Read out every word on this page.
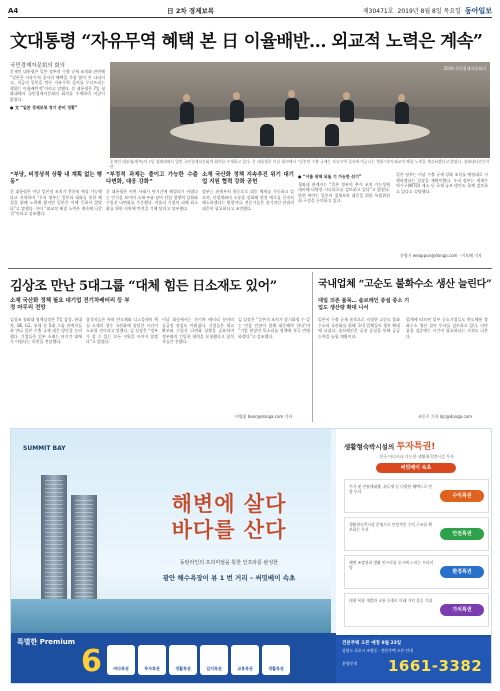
A4	日 2차 경제보복	제30471호 2019년 8월 8일 목요일 동아일보
文대통령 “자유무역 혜택 본 日 이율배반… 외교적 노력은 계속”
국민경제자문회의 회의
문재인 대통령은 일본 정부의 수출 규제 조치와 관련해 “일본은 자유무역 질서의 혜택을 가장 많이 본 나라이고, 지금의 일본을 만든 자유무역 질서를 무너뜨리는 행위는 이율배반적”이라고 말했다. 문 대통령은 7일 청와대에서 국민경제자문회의 회의를 주재하며 이같이 밝혔다.
● 文 “일본 경제보복 장기 준비 정황”
2019 국민경제자문회의
문재인 대통령(왼쪽)이 7일 청와대에서 열린 국민경제자문회의 회의를 주재하고 있다. 문 대통령은 이날 회의에서 “일본의 수출 규제는 자유무역 질서에 어긋나는 행위”라며 외교적 해결 노력을 계속하겠다고 밝혔다. 청와대사진기자단
“부당, 비정상적 상황 내 계획 없는 행동”
문 대통령은 이날 일본의 조치가 충분히 예상 가능했다고 지적하며 “우리 정부는 일본과 대화를 통한 해결을 위해 노력해 왔지만 일본은 이에 응하지 않았다”고 말했다. 이어 “외교적 해결 노력은 계속해 나갈 것”이라고 강조했다.
“부정적 과제는 줄이고 가능한 수출 다변화, 대응 강화”
문 대통령은 이번 사태가 단기간에 해결되기 어렵다는 인식을 보이며 소재·부품·장비 산업 경쟁력 강화와 수입선 다변화를 주문했다. 아울러 기업의 피해 최소화를 위한 지원에 만전을 기해 달라고 당부했다.
소재 국산화 정책 지속추진 위기 대기업 지원 협력 강화 공헌
정부는 관계부처 합동으로 대응 체계를 가동하고 있으며, 산업계와의 소통을 강화해 현장 애로를 신속히 해소하겠다는 방침이다. 전문가들은 장기적인 관점의 대응이 필요하다고 조언했다.
● “이를 위해 되돌 기 가능한 쉬기”
청와대 관계자는 “일본 정부의 추가 조치 가능성에 대비해 다양한 시나리오를 검토하고 있다”고 밝혔다. 한편 여야는 일본의 경제보복 대응을 위한 특별위원회 구성을 논의하고 있다.
일본 정부는 이날 수출 규제 강화 조치를 예정대로 시행하겠다는 입장을 재확인했다. 우리 정부는 세계무역기구(WTO) 제소 등 국제 공조 방안도 함께 검토하고 있다고 설명했다.
문병기 weappon@donga.com · 이보혜 기자
김상조 만난 5대그룹 “대체 힘든 日소재도 있어”
소재 국산화 정책 필요 대기업 전기차배터리 등 부정 마무리 전망
김상조 청와대 정책실장은 7일 삼성, 현대차, SK, LG, 롯데 등 5대 그룹 관계자들과 만나 일본 수출 규제 대응 방안을 논의했다. 기업들은 일부 소재는 단기간 대체가 어렵다는 의견을 전달했다.
참석자들은 특히 반도체와 디스플레이 핵심 소재의 경우 국산화에 상당한 시간이 소요될 것이라고 말했다. 김 실장은 “정부가 할 수 있는 모든 지원을 아끼지 않겠다”고 밝혔다.
이날 회동에서는 전기차 배터리 분야의 공급망 점검도 이뤄졌다. 기업들은 재고 확보와 수입선 다변화 상황을 공유하며 정부와의 긴밀한 협력을 요청했다고 참석자들은 전했다.
김 실장은 “일본의 조치가 장기화될 수 있는 만큼 민관이 함께 대응해야 한다”며 “기업 현장의 목소리를 정책에 적극 반영하겠다”고 강조했다.
이병훈 bear@donga.com 기자
국내업체 “고순도 불화수소 생산 늘린다”
대일 의존 품목… 솔브레인 증설 중소 기업도 생산량 확대 나서
일본이 수출 규제 품목으로 지정한 고순도 불화수소의 국산화를 위해 국내 업체들이 생산 확대에 나섰다. 솔브레인은 공장 증설을 통해 공급 능력을 늘릴 계획이다.
업계에 따르면 일부 중소기업들도 반도체용 불화수소 생산 설비 투자를 검토하고 있다. 다만 품질 검증에는 시간이 필요하다는 지적도 나온다.
조동주 기자 djc@donga.com
SUMMIT BAY
해변에 살다
바다를 산다
동탄라인의 프리미엄을 통한 인프라를 완성한
광안 해수욕장이 뷰 1 번 거리 – 써밋베이 속초
특별한 Premium
6	바다특권	투자특권	생활특권	입지특권	교통특권	생활특권
생활형숙박시설의 투자특권!
전국 어디서나 가능한 생활형숙박시설 투자
써밋베이 속초
주거 및 전월세대출, 취득세 등 다양한 혜택으로 안정 투자
수익특권
생활형숙박시설 운영으로 안정적인 수익 구조를 확보하는 투자
안전특권
해변 조망권과 생활 인프라를 동시에 누리는 프리미엄
환경특권
대형 복합 개발과 교통 호재로 미래 가치 상승 기대
가치특권
견본주택 오픈 예정 8월 23일
강원도 속초시 조양동 · 견본주택 오픈 안내
분양문의	1661-3382
